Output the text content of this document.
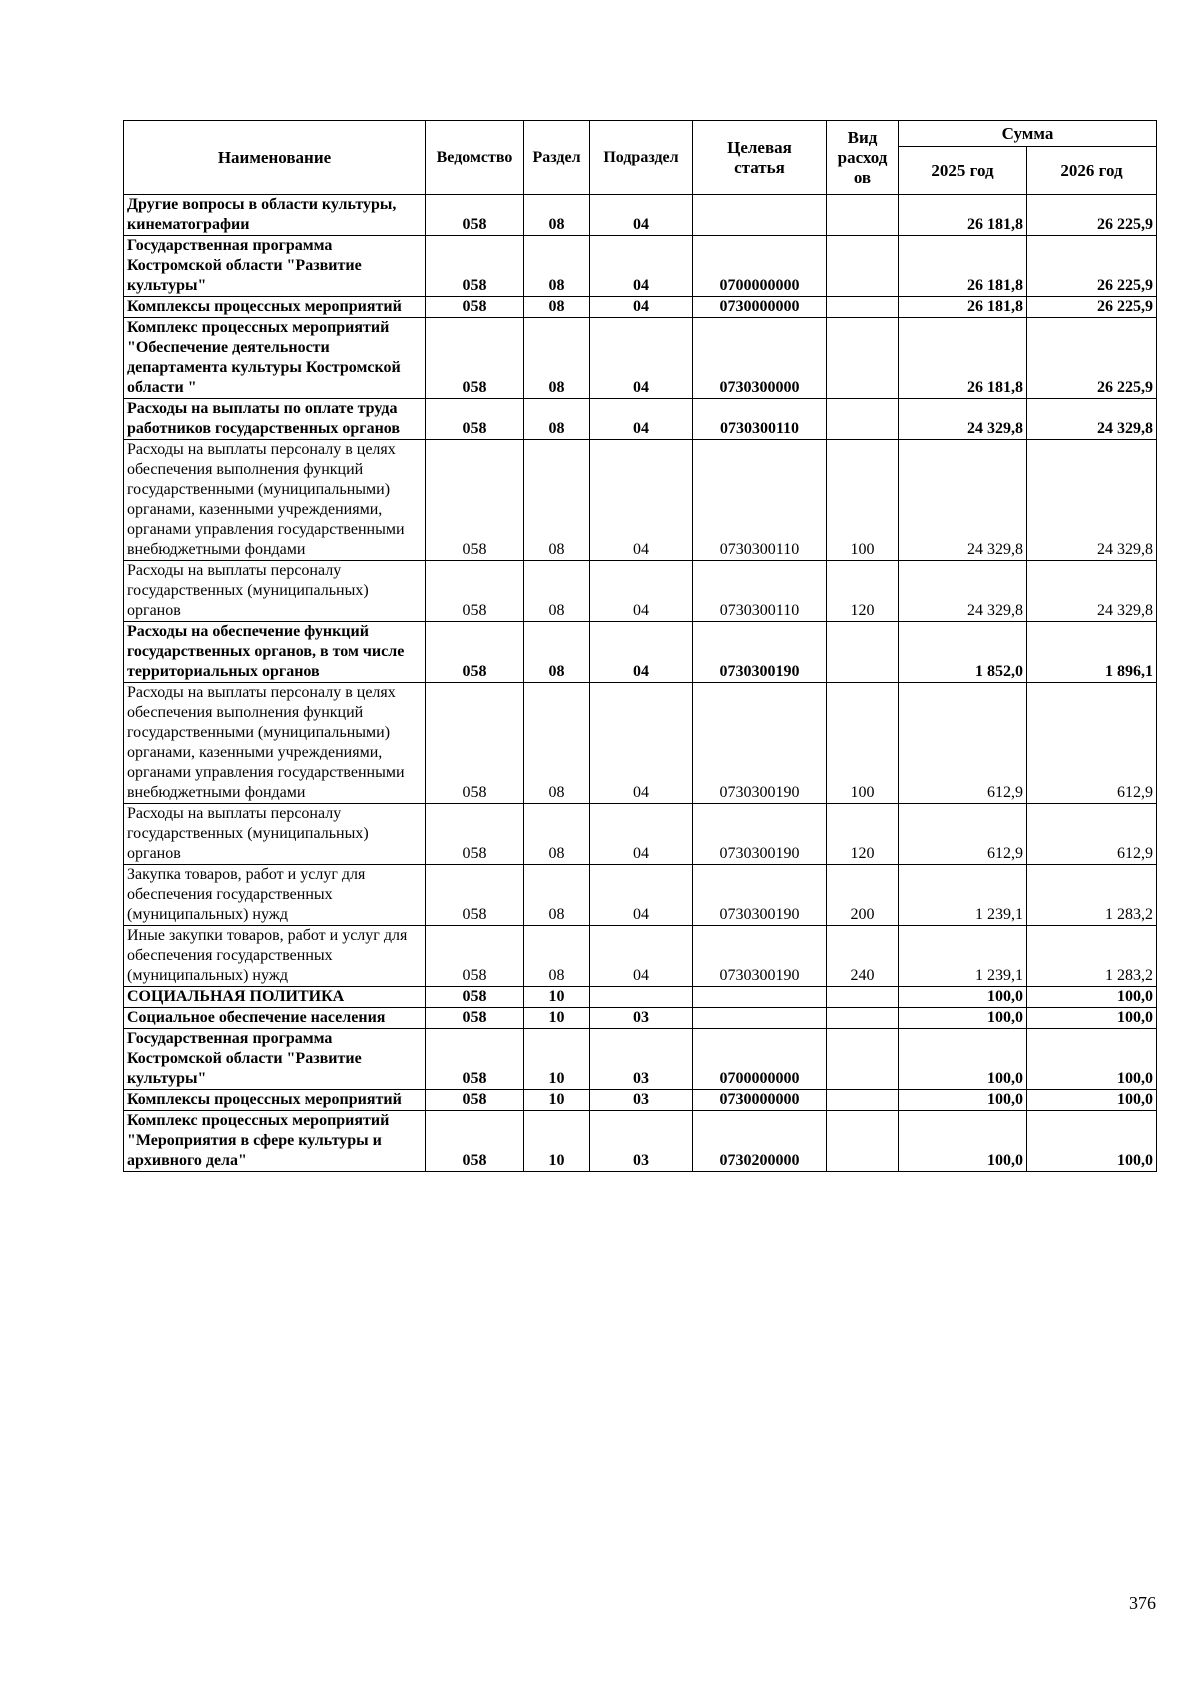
Наименование	Ведомство	Раздел	Подраздел	Целевая статья	Вид расход ов	Сумма	
						2025 год	2026 год
Другие вопросы в области культуры, кинематографии	058	08	04			26 181,8	26 225,9
Государственная программа Костромской области "Развитие культуры"	058	08	04	0700000000		26 181,8	26 225,9
Комплексы процессных мероприятий	058	08	04	0730000000		26 181,8	26 225,9
Комплекс процессных мероприятий "Обеспечение деятельности департамента культуры Костромской области "	058	08	04	0730300000		26 181,8	26 225,9
Расходы на выплаты по оплате труда работников государственных органов	058	08	04	0730300110		24 329,8	24 329,8
Расходы на выплаты персоналу в целях обеспечения выполнения функций государственными (муниципальными) органами, казенными учреждениями, органами управления государственными внебюджетными фондами	058	08	04	0730300110	100	24 329,8	24 329,8
Расходы на выплаты персоналу государственных (муниципальных) органов	058	08	04	0730300110	120	24 329,8	24 329,8
Расходы на обеспечение функций государственных органов, в том числе территориальных органов	058	08	04	0730300190		1 852,0	1 896,1
Расходы на выплаты персоналу в целях обеспечения выполнения функций государственными (муниципальными) органами, казенными учреждениями, органами управления государственными внебюджетными фондами	058	08	04	0730300190	100	612,9	612,9
Расходы на выплаты персоналу государственных (муниципальных) органов	058	08	04	0730300190	120	612,9	612,9
Закупка товаров, работ и услуг для обеспечения государственных (муниципальных) нужд	058	08	04	0730300190	200	1 239,1	1 283,2
Иные закупки товаров, работ и услуг для обеспечения государственных (муниципальных) нужд	058	08	04	0730300190	240	1 239,1	1 283,2
СОЦИАЛЬНАЯ ПОЛИТИКА	058	10				100,0	100,0
Социальное обеспечение населения	058	10	03			100,0	100,0
Государственная программа Костромской области "Развитие культуры"	058	10	03	0700000000		100,0	100,0
Комплексы процессных мероприятий	058	10	03	0730000000		100,0	100,0
Комплекс процессных мероприятий "Мероприятия в сфере культуры и архивного дела"	058	10	03	0730200000		100,0	100,0
376
